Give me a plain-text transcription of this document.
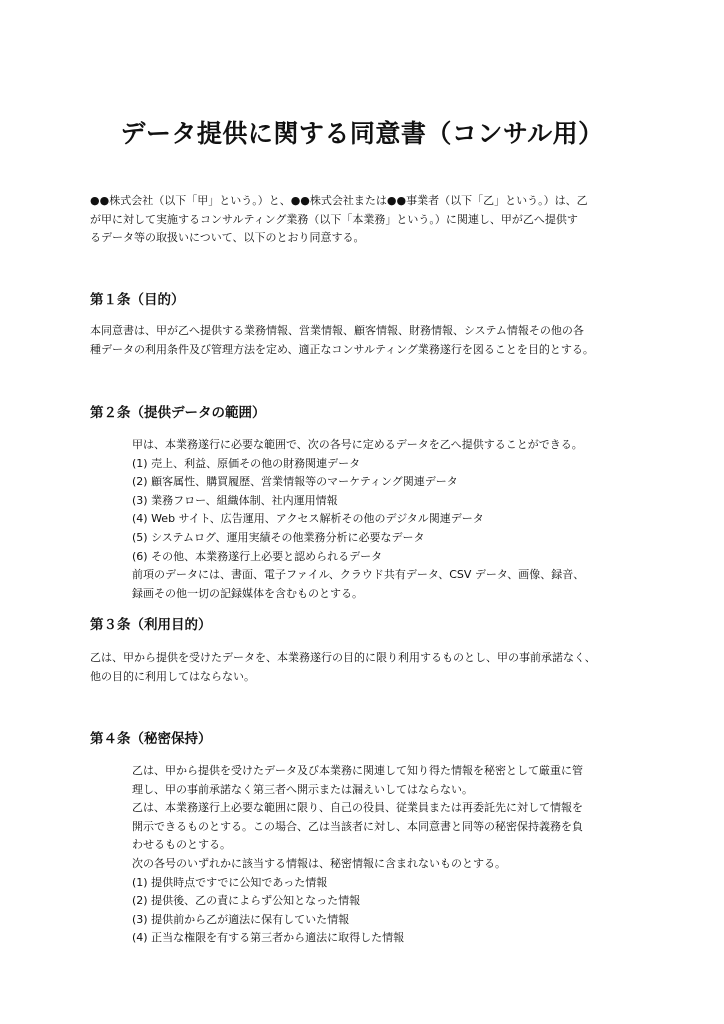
データ提供に関する同意書（コンサル用）
●●株式会社（以下「甲」という。）と、●●株式会社または●●事業者（以下「乙」という。）は、乙
が甲に対して実施するコンサルティング業務（以下「本業務」という。）に関連し、甲が乙へ提供す
るデータ等の取扱いについて、以下のとおり同意する。
第１条（目的）
本同意書は、甲が乙へ提供する業務情報、営業情報、顧客情報、財務情報、システム情報その他の各
種データの利用条件及び管理方法を定め、適正なコンサルティング業務遂行を図ることを目的とする。
第２条（提供データの範囲）
甲は、本業務遂行に必要な範囲で、次の各号に定めるデータを乙へ提供することができる。
(1) 売上、利益、原価その他の財務関連データ
(2) 顧客属性、購買履歴、営業情報等のマーケティング関連データ
(3) 業務フロー、組織体制、社内運用情報
(4) Web サイト、広告運用、アクセス解析その他のデジタル関連データ
(5) システムログ、運用実績その他業務分析に必要なデータ
(6) その他、本業務遂行上必要と認められるデータ
前項のデータには、書面、電子ファイル、クラウド共有データ、CSV データ、画像、録音、
録画その他一切の記録媒体を含むものとする。
第３条（利用目的）
乙は、甲から提供を受けたデータを、本業務遂行の目的に限り利用するものとし、甲の事前承諾なく、
他の目的に利用してはならない。
第４条（秘密保持）
乙は、甲から提供を受けたデータ及び本業務に関連して知り得た情報を秘密として厳重に管
理し、甲の事前承諾なく第三者へ開示または漏えいしてはならない。
乙は、本業務遂行上必要な範囲に限り、自己の役員、従業員または再委託先に対して情報を
開示できるものとする。この場合、乙は当該者に対し、本同意書と同等の秘密保持義務を負
わせるものとする。
次の各号のいずれかに該当する情報は、秘密情報に含まれないものとする。
(1) 提供時点ですでに公知であった情報
(2) 提供後、乙の責によらず公知となった情報
(3) 提供前から乙が適法に保有していた情報
(4) 正当な権限を有する第三者から適法に取得した情報
